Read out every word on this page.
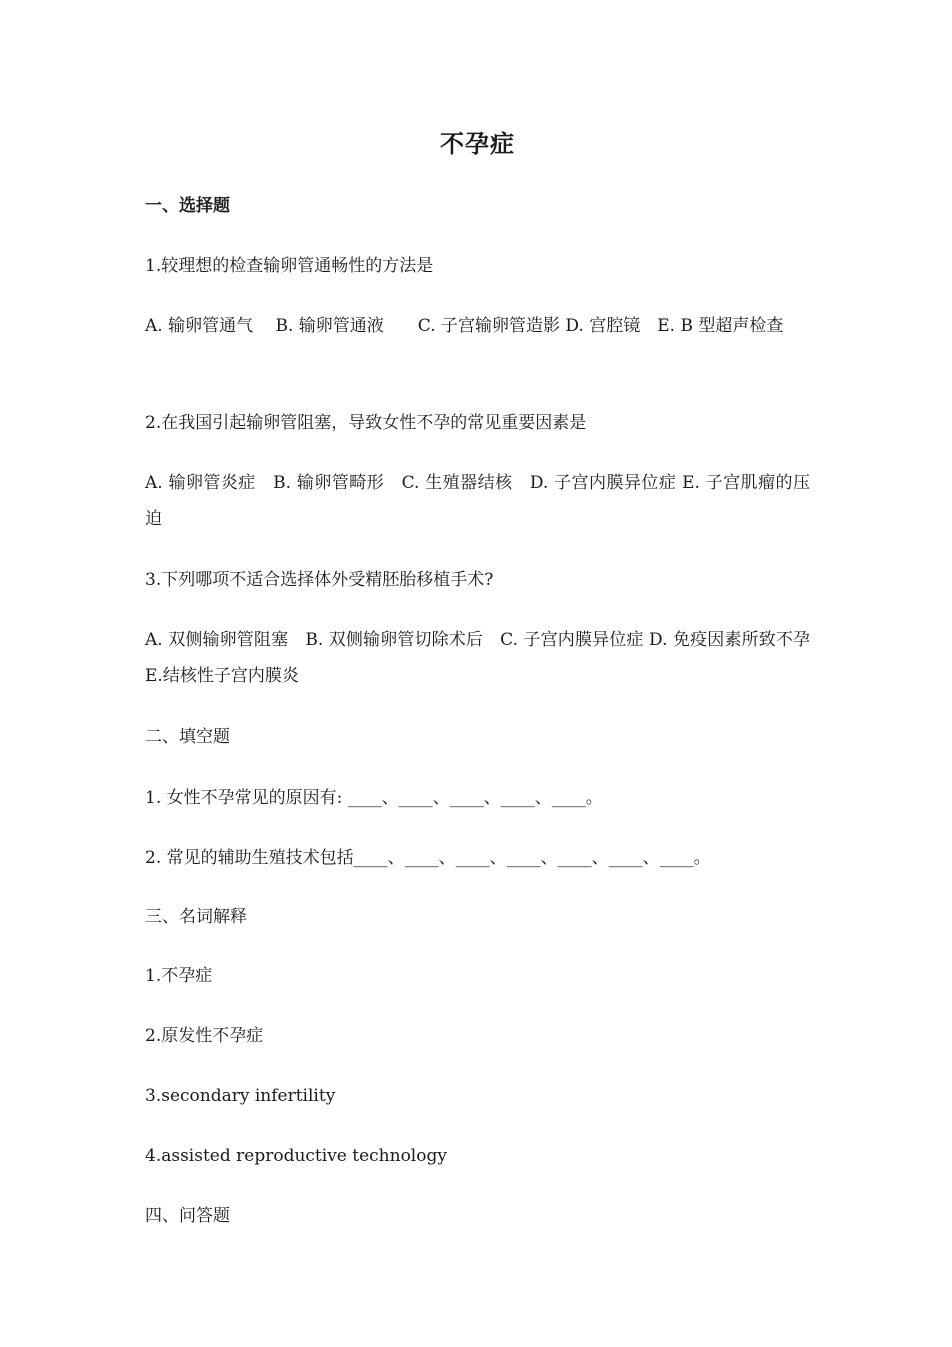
不孕症
一、选择题
1.较理想的检查输卵管通畅性的方法是
A. 输卵管通气　 B. 输卵管通液　　C. 子宫输卵管造影 D. 宫腔镜　E. B 型超声检查
2.在我国引起输卵管阻塞，导致女性不孕的常见重要因素是
A. 输卵管炎症　B. 输卵管畸形　C. 生殖器结核　D. 子宫内膜异位症 E. 子宫肌瘤的压迫
3.下列哪项不适合选择体外受精胚胎移植手术?
A. 双侧输卵管阻塞　B. 双侧输卵管切除术后　C. 子宫内膜异位症 D. 免疫因素所致不孕　E.结核性子宫内膜炎
二、填空题
1. 女性不孕常见的原因有: ____、____、____、____、____。
2. 常见的辅助生殖技术包括____、____、____、____、____、____、____。
三、名词解释
1.不孕症
2.原发性不孕症
3.secondary infertility
4.assisted reproductive technology
四、问答题
